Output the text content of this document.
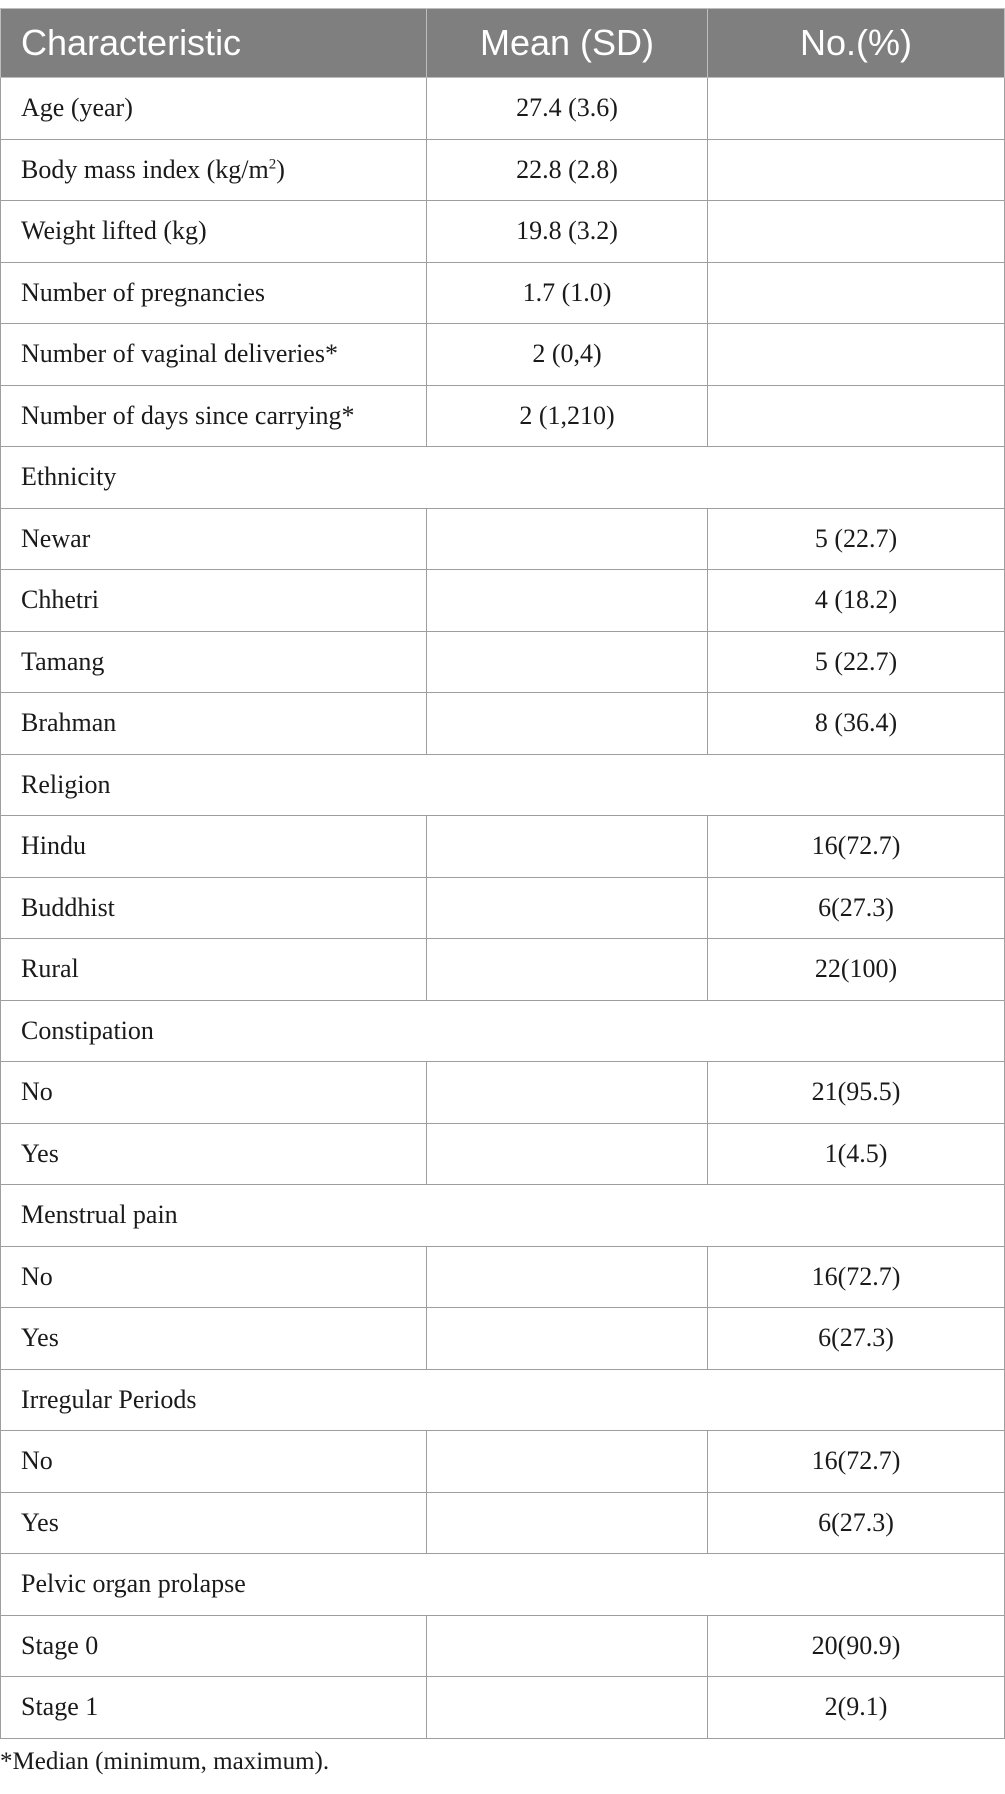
Characteristic	Mean (SD)	No.(%)
Age (year)	27.4 (3.6)	
Body mass index $(kg/m^2)$	22.8 (2.8)	
Weight lifted (kg)	19.8 (3.2)	
Number of pregnancies	1.7 (1.0)	
Number of vaginal deliveries*	2 (0,4)	
Number of days since carrying*	2 (1,210)	
Ethnicity		
Newar		5 (22.7)
Chhetri		4 (18.2)
Tamang		5 (22.7)
Brahman		8 (36.4)
Religion		
Hindu		16(72.7)
Buddhist		6(27.3)
Rural		22(100)
Constipation		
No		21(95.5)
Yes		1(4.5)
Menstrual pain		
No		16(72.7)
Yes		6(27.3)
Irregular Periods		
No		16(72.7)
Yes		6(27.3)
Pelvic organ prolapse		
Stage 0		20(90.9)
Stage 1		2(9.1)
*Median (minimum, maximum).
